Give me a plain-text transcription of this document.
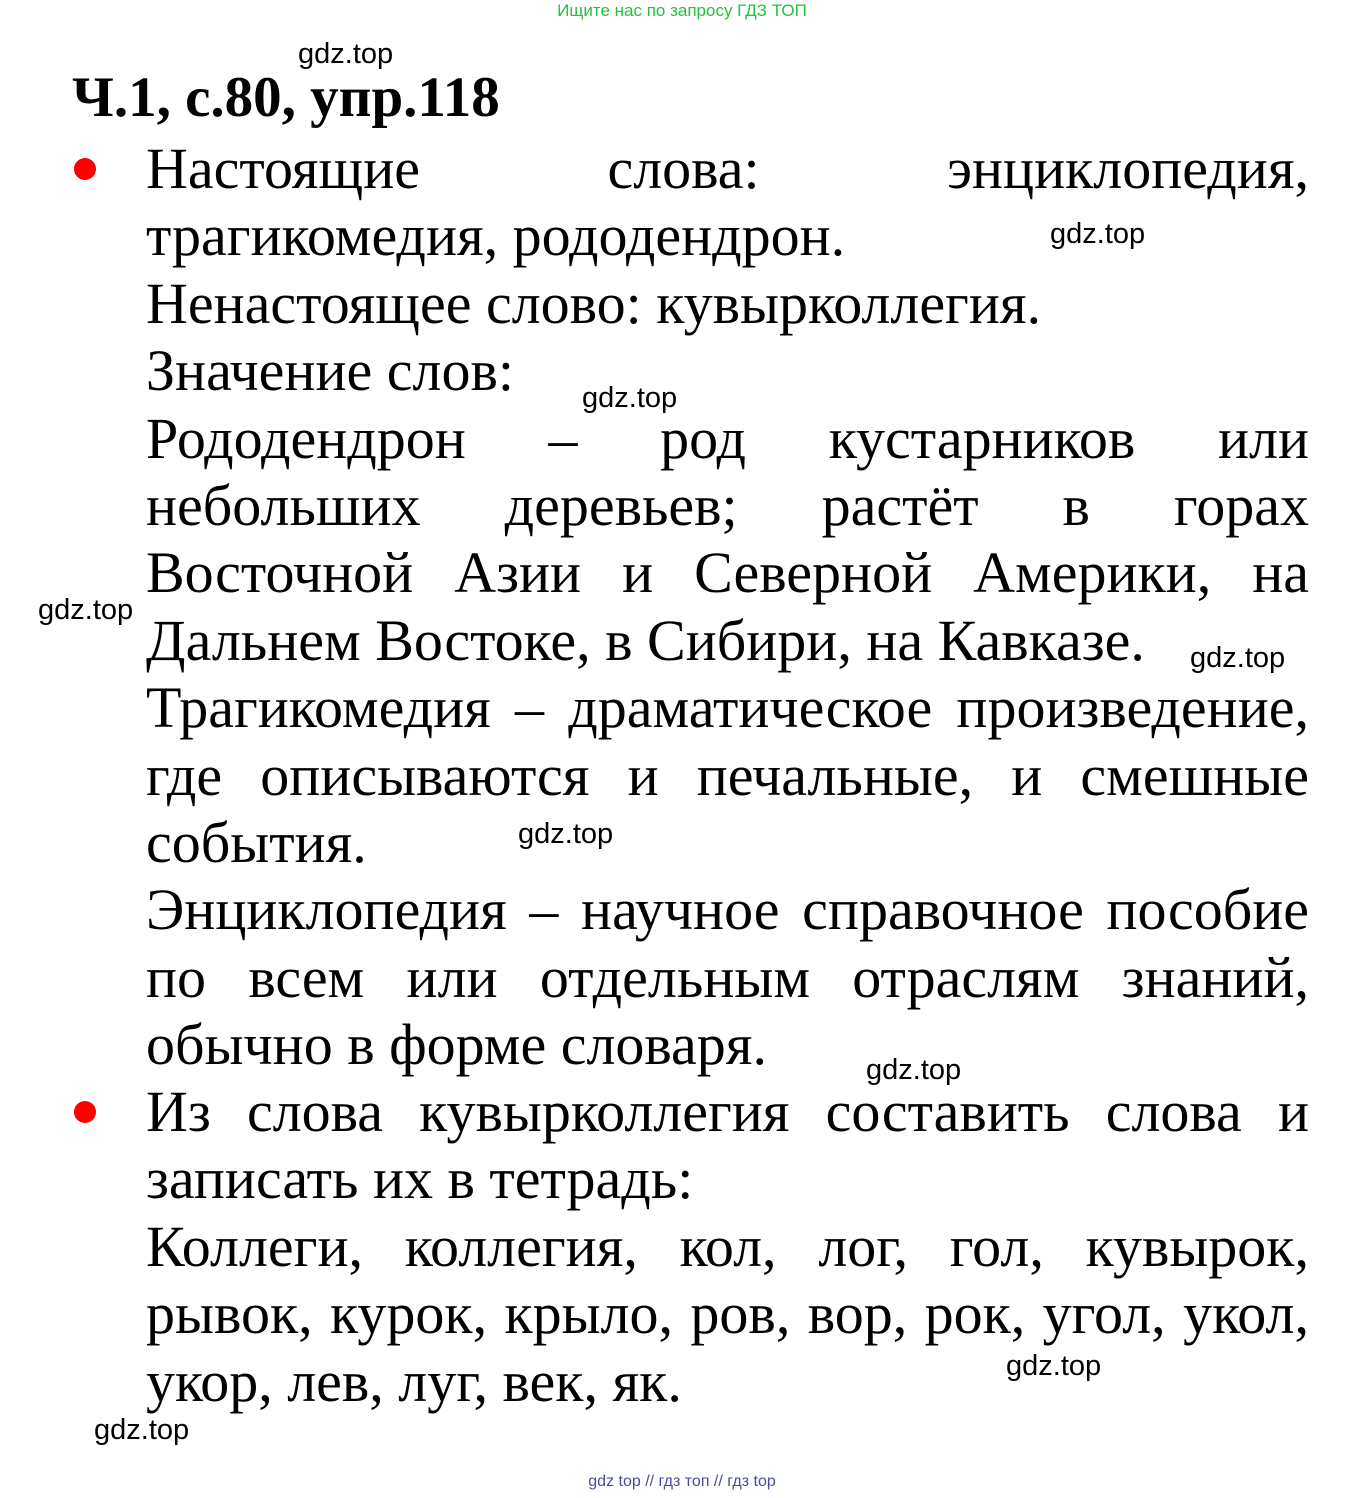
Ищите нас по запросу ГДЗ ТОП
Ч.1, с.80, упр.118

Настоящие слова: энциклопедия, трагикомедия, рододендрон.

Ненастоящее слово: кувырколлегия.

Значение слов:

Рододендрон – род кустарников или небольших деревьев; растёт в горах Восточной Азии и Северной Америки, на Дальнем Востоке, в Сибири, на Кавказе.

Трагикомедия – драматическое произведение, где описываются и печальные, и смешные события.

Энциклопедия – научное справочное пособие по всем или отдельным отраслям знаний, обычно в форме словаря.

Из слова кувырколлегия составить слова и записать их в тетрадь:

Коллеги, коллегия, кол, лог, гол, кувырок, рывок, курок, крыло, ров, вор, рок, угол, укол, укор, лев, луг, век, як.

gdz.top
gdz.top
gdz.top
gdz.top
gdz.top
gdz.top
gdz.top
gdz.top
gdz.top
gdz top // гдз топ // гдз top
